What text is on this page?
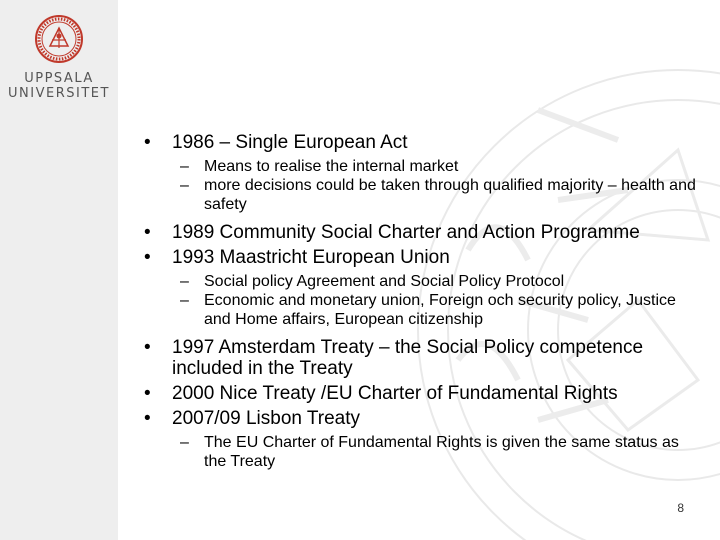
UPPSALA
UNIVERSITET
•	1986 – Single European Act
– Means to realise the internal market
– more decisions could be taken through qualified majority – health and safety
•	1989 Community Social Charter and Action Programme
•	1993 Maastricht European Union
– Social policy Agreement and Social Policy Protocol
– Economic and monetary union, Foreign och security policy, Justice and Home affairs, European citizenship
•	1997 Amsterdam Treaty – the Social Policy competence included in the Treaty
•	2000 Nice Treaty /EU Charter of Fundamental Rights
•	2007/09 Lisbon Treaty
– The EU Charter of Fundamental Rights is given the same status as the Treaty
8
